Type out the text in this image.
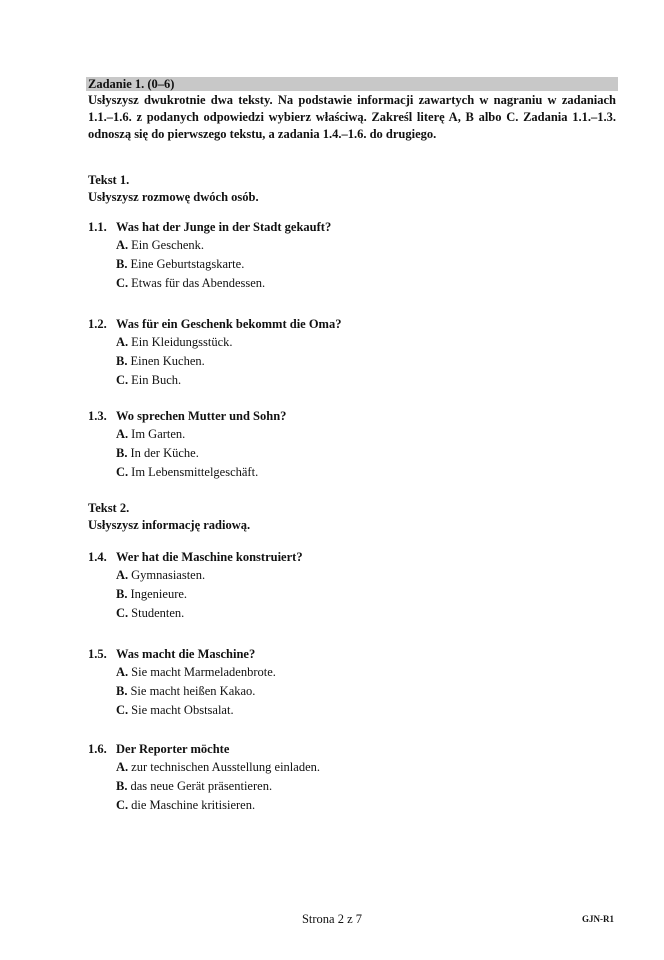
Zadanie 1. (0–6)
Usłyszysz dwukrotnie dwa teksty. Na podstawie informacji zawartych w nagraniu w zadaniach 1.1.–1.6. z podanych odpowiedzi wybierz właściwą. Zakreśl literę A, B albo C. Zadania 1.1.–1.3. odnoszą się do pierwszego tekstu, a zadania 1.4.–1.6. do drugiego.
Tekst 1.
Usłyszysz rozmowę dwóch osób.
1.1. Was hat der Junge in der Stadt gekauft?
A. Ein Geschenk.
B. Eine Geburtstagskarte.
C. Etwas für das Abendessen.
1.2. Was für ein Geschenk bekommt die Oma?
A. Ein Kleidungsstück.
B. Einen Kuchen.
C. Ein Buch.
1.3. Wo sprechen Mutter und Sohn?
A. Im Garten.
B. In der Küche.
C. Im Lebensmittelgeschäft.
Tekst 2.
Usłyszysz informację radiową.
1.4. Wer hat die Maschine konstruiert?
A. Gymnasiasten.
B. Ingenieure.
C. Studenten.
1.5. Was macht die Maschine?
A. Sie macht Marmeladenbrote.
B. Sie macht heißen Kakao.
C. Sie macht Obstsalat.
1.6. Der Reporter möchte
A. zur technischen Ausstellung einladen.
B. das neue Gerät präsentieren.
C. die Maschine kritisieren.
Strona 2 z 7	GJN-R1
